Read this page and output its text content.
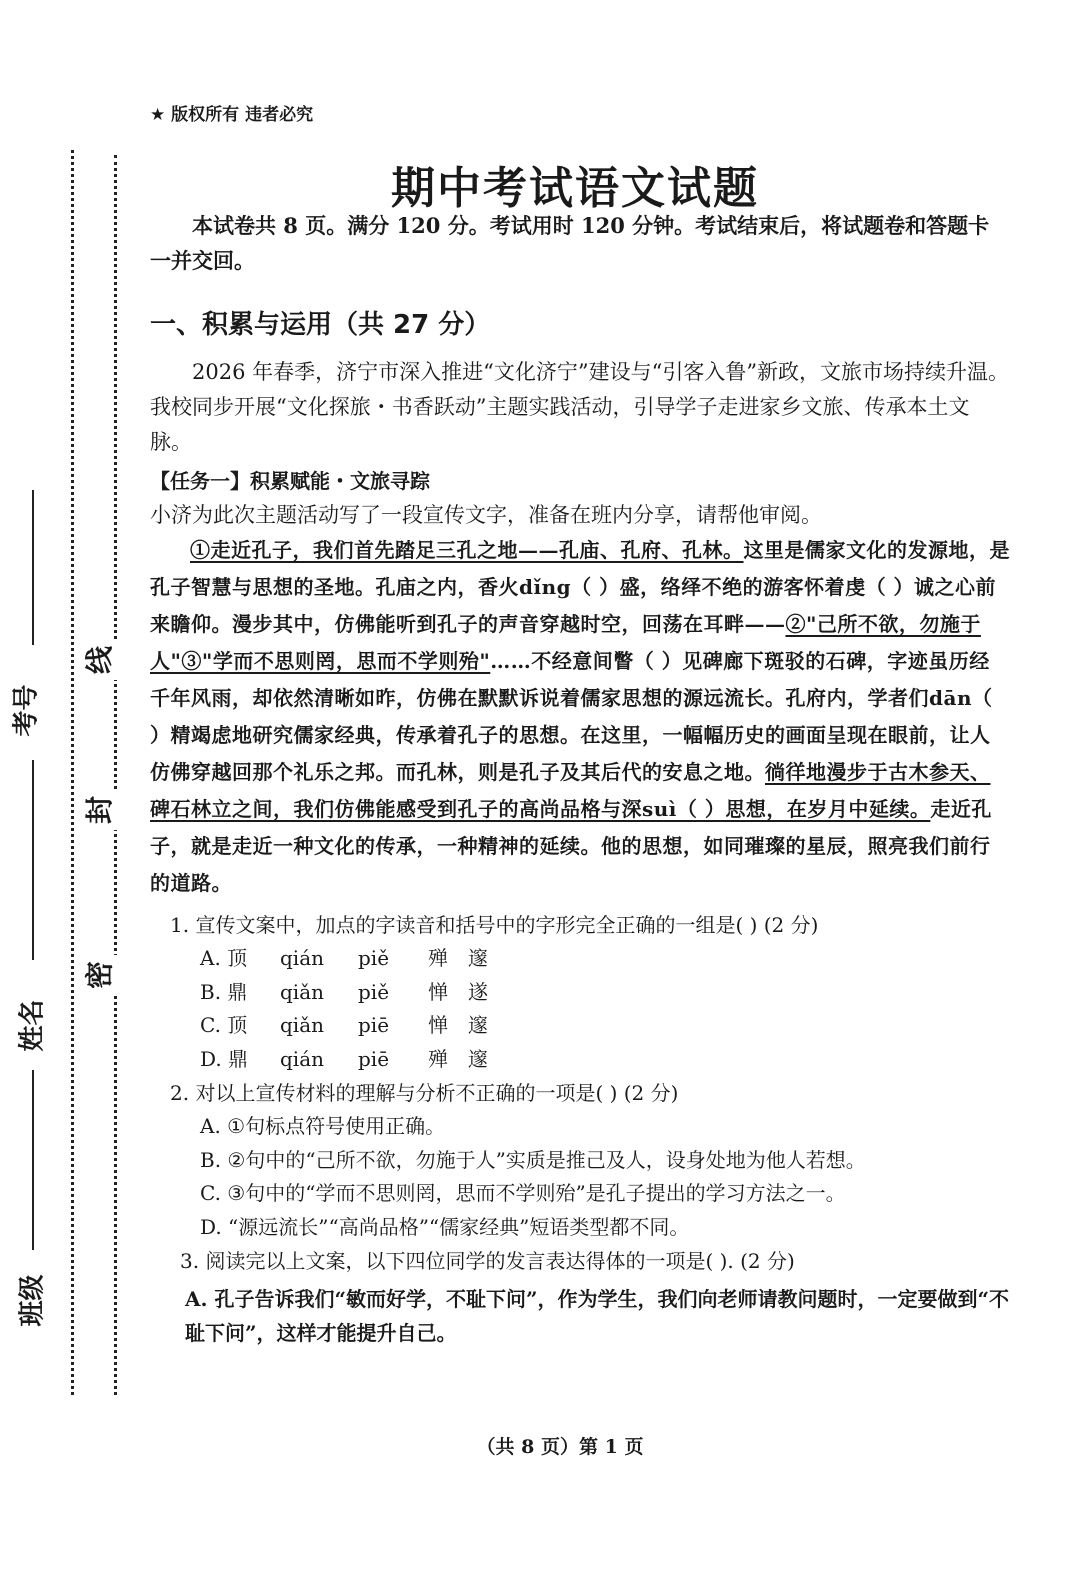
考号
姓名
班级
线
封
密
★ 版权所有 违者必究
期中考试语文试题

本试卷共 8 页。满分 120 分。考试用时 120 分钟。考试结束后，将试题卷和答题卡一并交回。

一、积累与运用（共 27 分）

2026 年春季，济宁市深入推进“文化济宁”建设与“引客入鲁”新政，文旅市场持续升温。我校同步开展“文化探旅・书香跃动”主题实践活动，引导学子走进家乡文旅、传承本土文脉。

【任务一】积累赋能・文旅寻踪

小济为此次主题活动写了一段宣传文字，准备在班内分享，请帮他审阅。

①走近孔子，我们首先踏足三孔之地——孔庙、孔府、孔林。这里是儒家文化的发源地，是孔子智慧与思想的圣地。孔庙之内，香火dǐng（ ）盛，络绎不绝的游客怀着虔（ ）诚之心前来瞻仰。漫步其中，仿佛能听到孔子的声音穿越时空，回荡在耳畔——②"己所不欲，勿施于人"③"学而不思则罔，思而不学则殆"……不经意间瞥（ ）见碑廊下斑驳的石碑，字迹虽历经千年风雨，却依然清晰如昨，仿佛在默默诉说着儒家思想的源远流长。孔府内，学者们dān（ ）精竭虑地研究儒家经典，传承着孔子的思想。在这里，一幅幅历史的画面呈现在眼前，让人仿佛穿越回那个礼乐之邦。而孔林，则是孔子及其后代的安息之地。徜徉地漫步于古木参天、碑石林立之间，我们仿佛能感受到孔子的高尚品格与深suì（ ）思想，在岁月中延续。走近孔子，就是走近一种文化的传承，一种精神的延续。他的思想，如同璀璨的星辰，照亮我们前行的道路。

1. 宣传文案中，加点的字读音和括号中的字形完全正确的一组是( ) (2 分)
A. 顶	qián	piě	殚	邃
B. 鼎	qiǎn	piě	惮	遂
C. 顶	qiǎn	piē	惮	邃
D. 鼎	qián	piē	殚	邃
2. 对以上宣传材料的理解与分析不正确的一项是( ) (2 分)
A. ①句标点符号使用正确。
B. ②句中的“己所不欲，勿施于人”实质是推己及人，设身处地为他人若想。
C. ③句中的“学而不思则罔，思而不学则殆”是孔子提出的学习方法之一。
D. “源远流长”“高尚品格”“儒家经典”短语类型都不同。
3. 阅读完以上文案，以下四位同学的发言表达得体的一项是( ). (2 分)
A. 孔子告诉我们“敏而好学，不耻下问”，作为学生，我们向老师请教问题时，一定要做到“不耻下问”，这样才能提升自己。
（共 8 页）第 1 页
